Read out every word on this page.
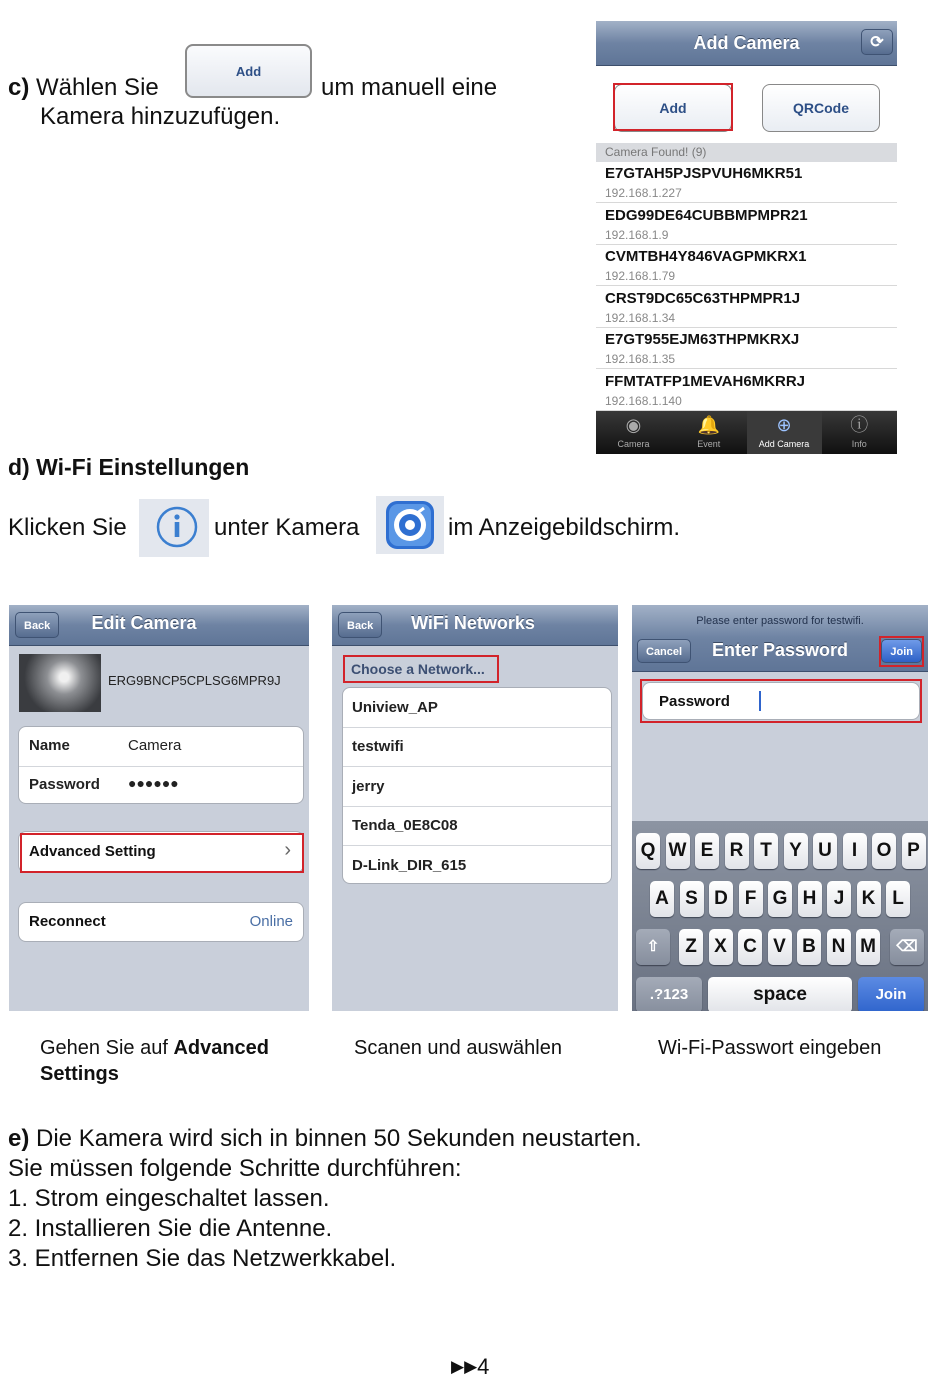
c) Wählen Sie
Add
um manuell eine
Kamera hinzuzufügen.
Add Camera	⟳
Add	QRCode
Camera Found! (9)
E7GTAH5PJSPVUH6MKR51
192.168.1.227
EDG99DE64CUBBMPMPR21
192.168.1.9
CVMTBH4Y846VAGPMKRX1
192.168.1.79
CRST9DC65C63THPMPR1J
192.168.1.34
E7GT955EJM63THPMKRXJ
192.168.1.35
FFMTATFP1MEVAH6MKRRJ
192.168.1.140
◉
Camera
🔔
Event
⊕
Add Camera
ⓘ
Info
d) Wi-Fi Einstellungen
Klicken Sie	unter Kamera	im Anzeigebildschirm.
Back	Edit Camera
ERG9BNCP5CPLSG6MPR9J
Name	Camera
Password ●●●●●●
Advanced Setting	›
Reconnect	Online
Back	WiFi Networks
Choose a Network...
Uniview_AP
testwifi
jerry
Tenda_0E8C08
D-Link_DIR_615
Please enter password for testwifi.
Cancel	Enter Password	Join
Password
Q W E R T Y U	I	O P
A S D F G H J K L
⇧	Z X C V B N M	⌫
.?123	space	Join
Gehen Sie auf Advanced
Settings
Scanen und auswählen	Wi-Fi-Passwort eingeben
e) Die Kamera wird sich in binnen 50 Sekunden neustarten.
Sie müssen folgende Schritte durchführen:
1. Strom eingeschaltet lassen.
2. Installieren Sie die Antenne.
3. Entfernen Sie das Netzwerkkabel.
▶▶4
